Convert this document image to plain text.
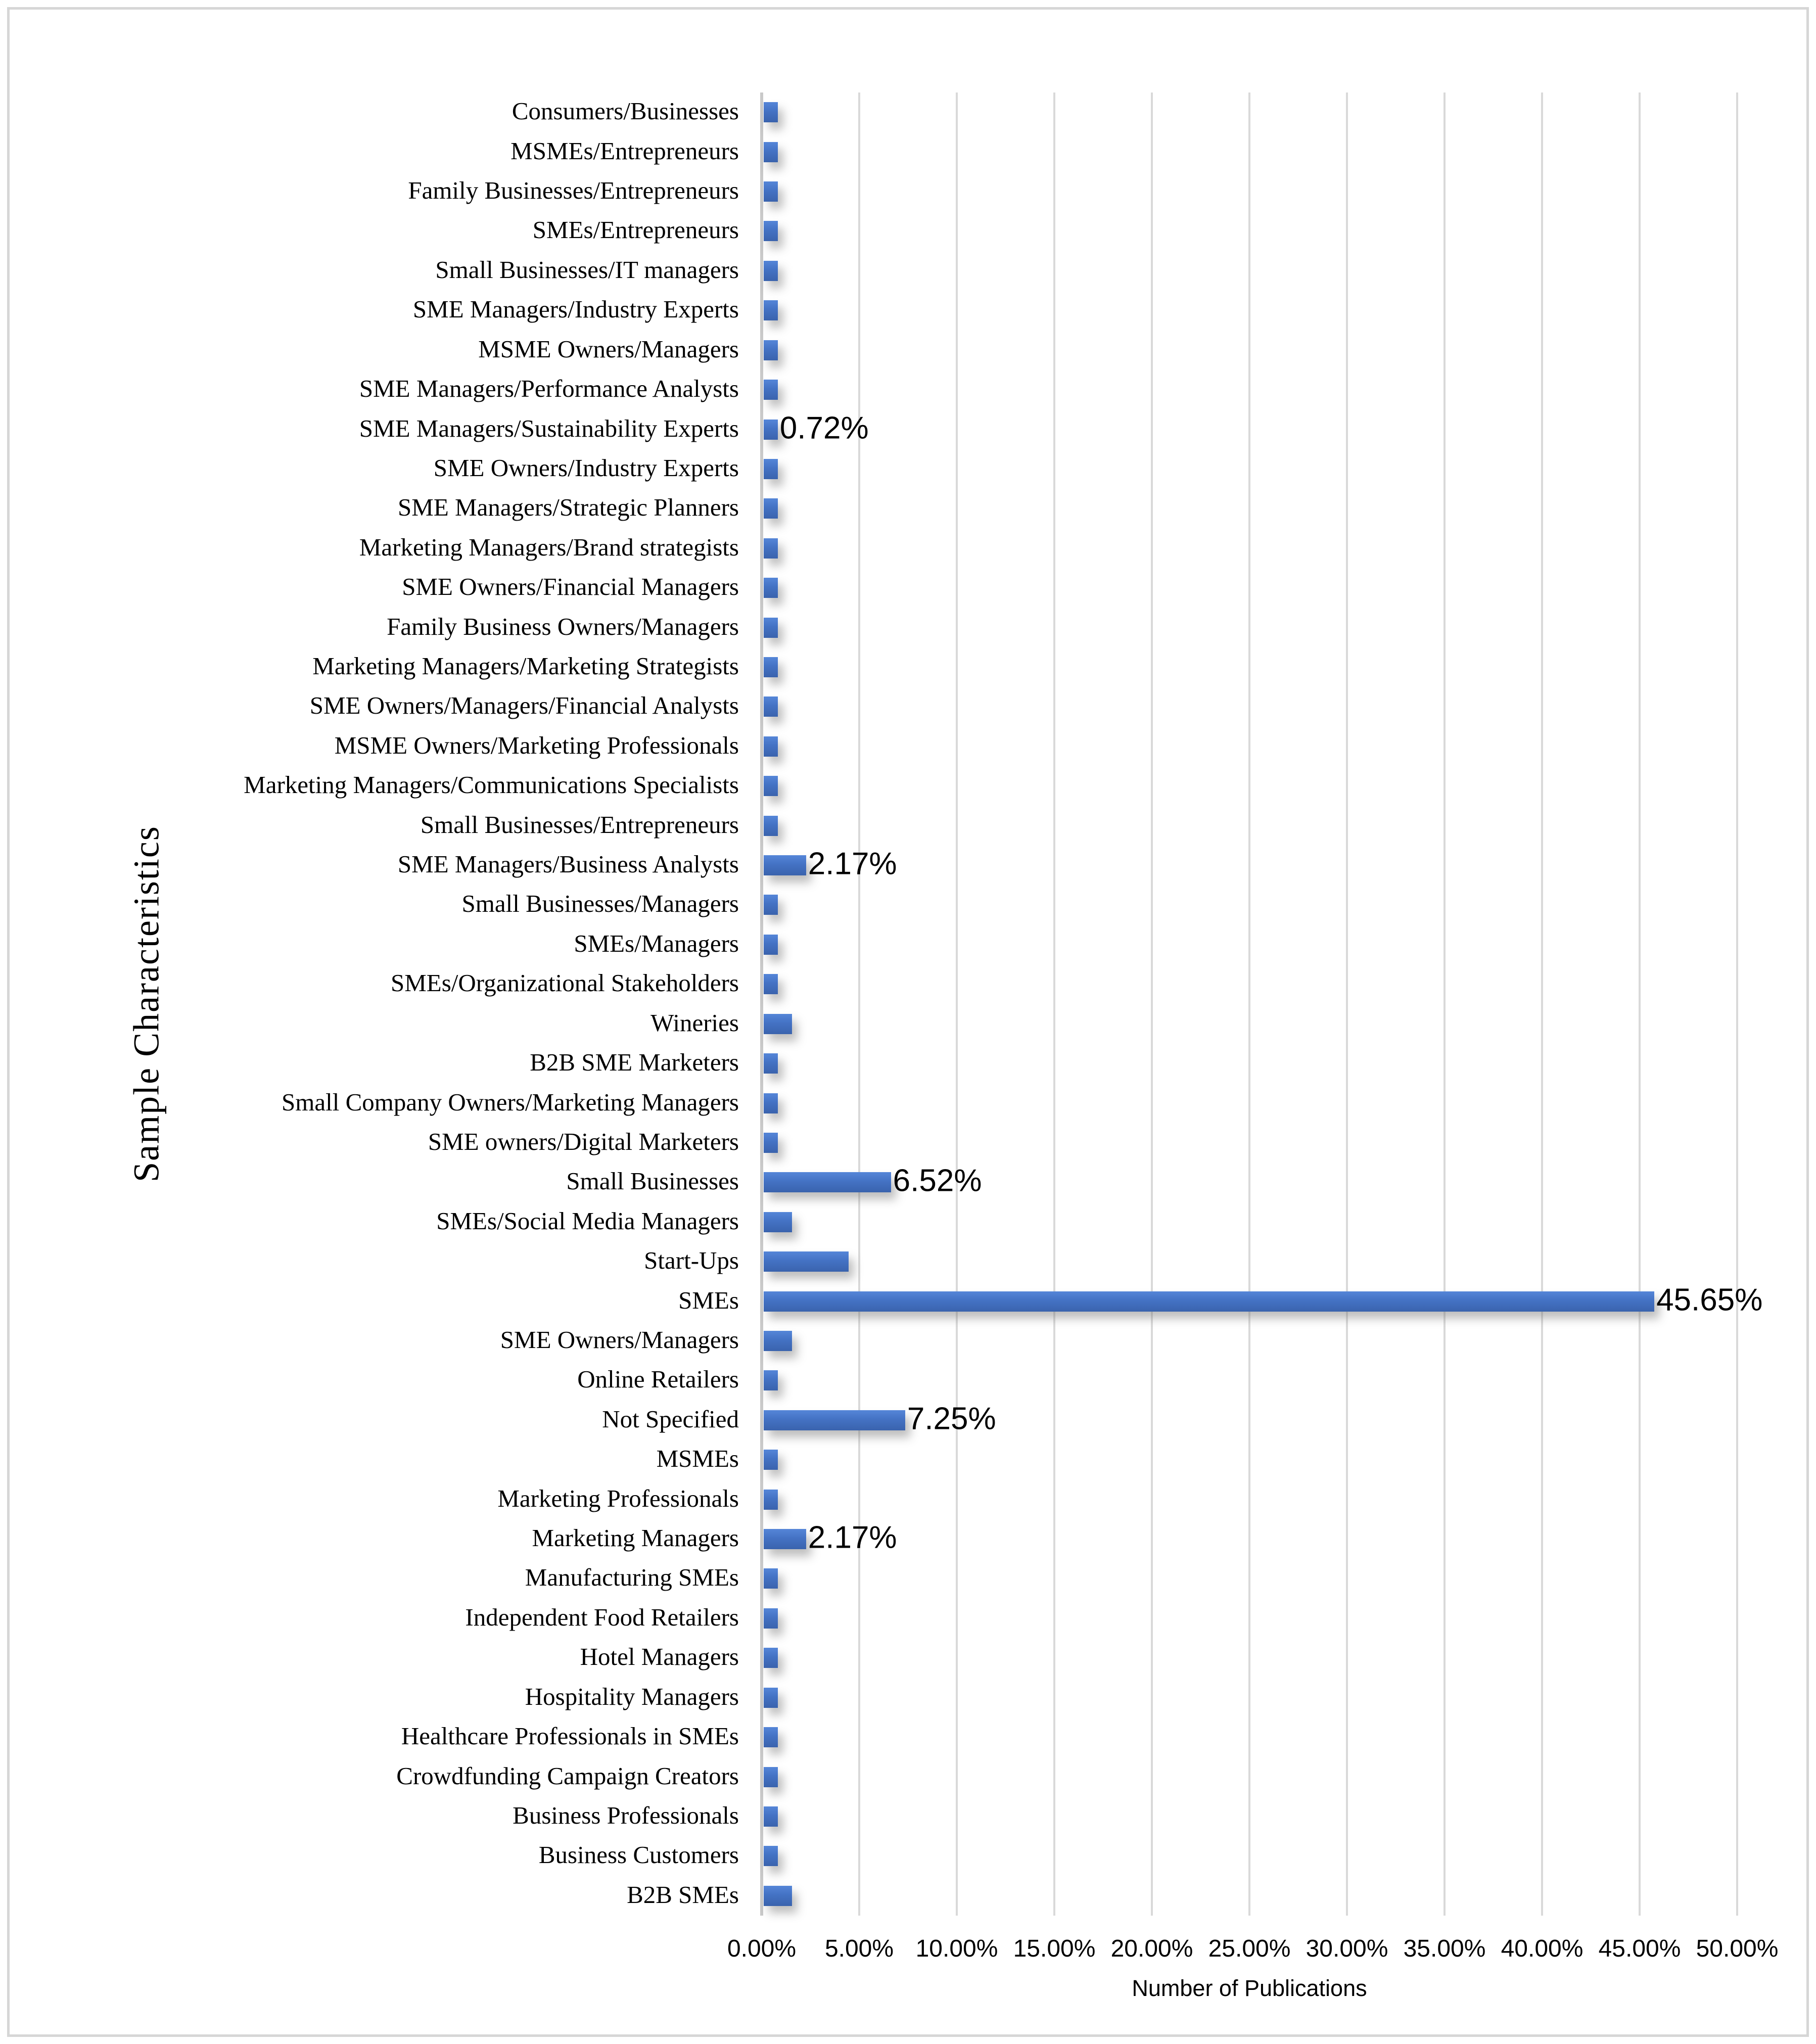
Sample Characteristics
0.72%
2.17%
6.52%
45.65%
7.25%
2.17%
Consumers/Businesses
MSMEs/Entrepreneurs
Family Businesses/Entrepreneurs
SMEs/Entrepreneurs
Small Businesses/IT managers
SME Managers/Industry Experts
MSME Owners/Managers
SME Managers/Performance Analysts
SME Managers/Sustainability Experts
SME Owners/Industry Experts
SME Managers/Strategic Planners
Marketing Managers/Brand strategists
SME Owners/Financial Managers
Family Business Owners/Managers
Marketing Managers/Marketing Strategists
SME Owners/Managers/Financial Analysts
MSME Owners/Marketing Professionals
Marketing Managers/Communications Specialists
Small Businesses/Entrepreneurs
SME Managers/Business Analysts
Small Businesses/Managers
SMEs/Managers
SMEs/Organizational Stakeholders
Wineries
B2B SME Marketers
Small Company Owners/Marketing Managers
SME owners/Digital Marketers
Small Businesses
SMEs/Social Media Managers
Start-Ups
SMEs
SME Owners/Managers
Online Retailers
Not Specified
MSMEs
Marketing Professionals
Marketing Managers
Manufacturing SMEs
Independent Food Retailers
Hotel Managers
Hospitality Managers
Healthcare Professionals in SMEs
Crowdfunding Campaign Creators
Business Professionals
Business Customers
B2B SMEs
0.00%	5.00% 10.00% 15.00% 20.00% 25.00% 30.00% 35.00% 40.00% 45.00% 50.00%
Number of Publications
